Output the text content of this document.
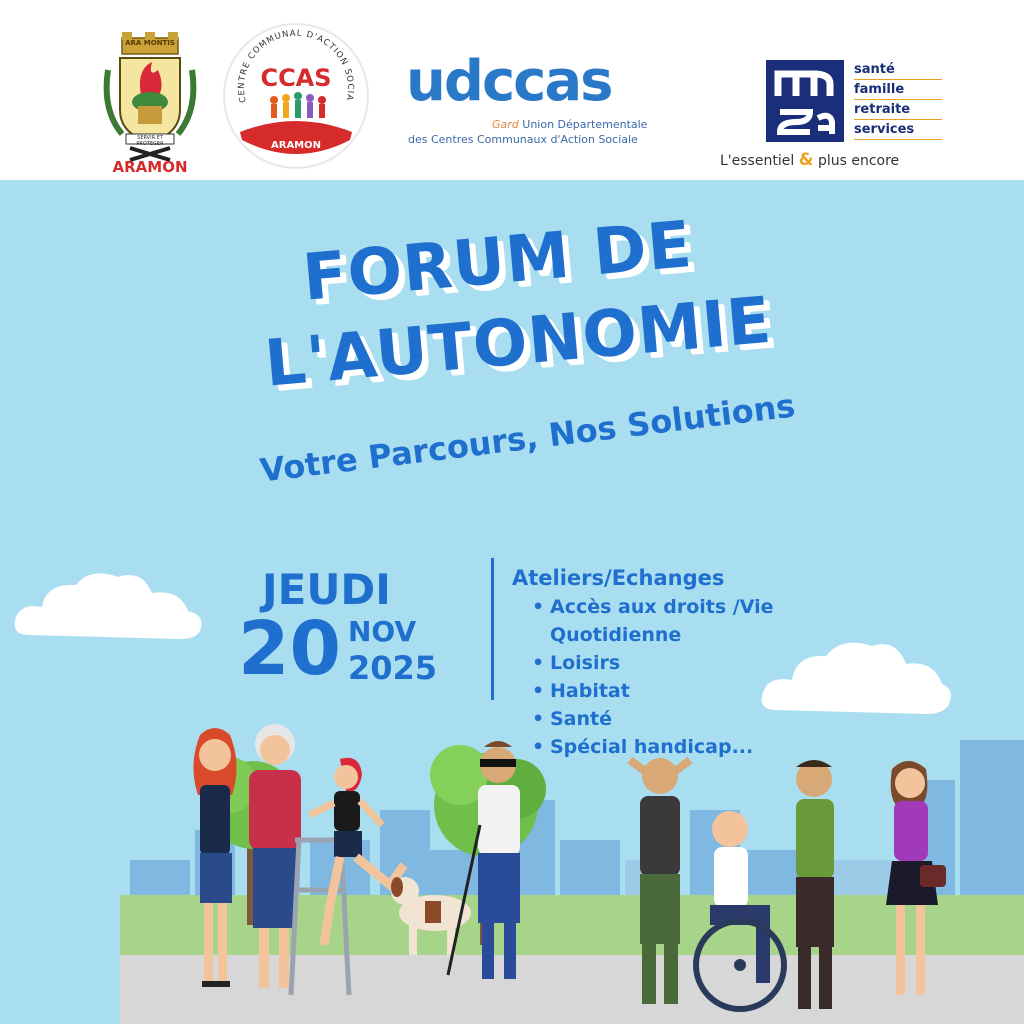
ARA MONTIS
SERVIR ET PROTEGER
ARAMON
CENTRE COMMUNAL D'ACTION SOCIA
CCAS
ARAMON
udccas
Gard Union Départementale
des Centres Communaux d'Action Sociale
santé
famille
retraite
services
L'essentiel & plus encore
FORUM DE
L'AUTONOMIE
Votre Parcours, Nos Solutions
JEUDI
20 NOV
2025
Ateliers/Echanges
• Accès aux droits /Vie Quotidienne
• Loisirs
• Habitat
• Santé
• Spécial handicap...
